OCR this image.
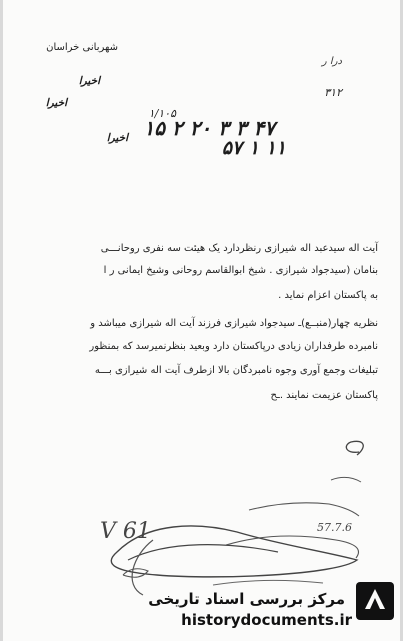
شهربانی خراسان
درا ر
اخیرا
اخیرا
اخیرا
۳۱۲
۱/۱۰۵
۴۷ ۳ ۳ ۲۰ ۲ ۱۵
۱۱ ۱ ۵۷
آیت اله سیدعبد اله شیرازی رنظردارد یک هیئت سه نفری روحانـــی
بنامان (سیدجواد شیرازی . شیخ ابوالقاسم روحانی وشیخ ایمانی ر ا
به پاکستان اعزام نماید .
نظریه چهار(منبــع)ـ سیدجواد شیرازی فرزند آیت اله شیرازی میباشد و
نامبرده طرفداران زیادی درپاکستان دارد وبعید بنظرنمیرسد که بمنظور
تبلیغات وجمع آوری وجوه نامبردگان بالا ازطرف آیت اله شیرازی بـــه
پاکستان عزیمت نمایند .ـح
V 61	57.7.6
مرکز بررسی اسناد تاریخی
historydocuments.ir
